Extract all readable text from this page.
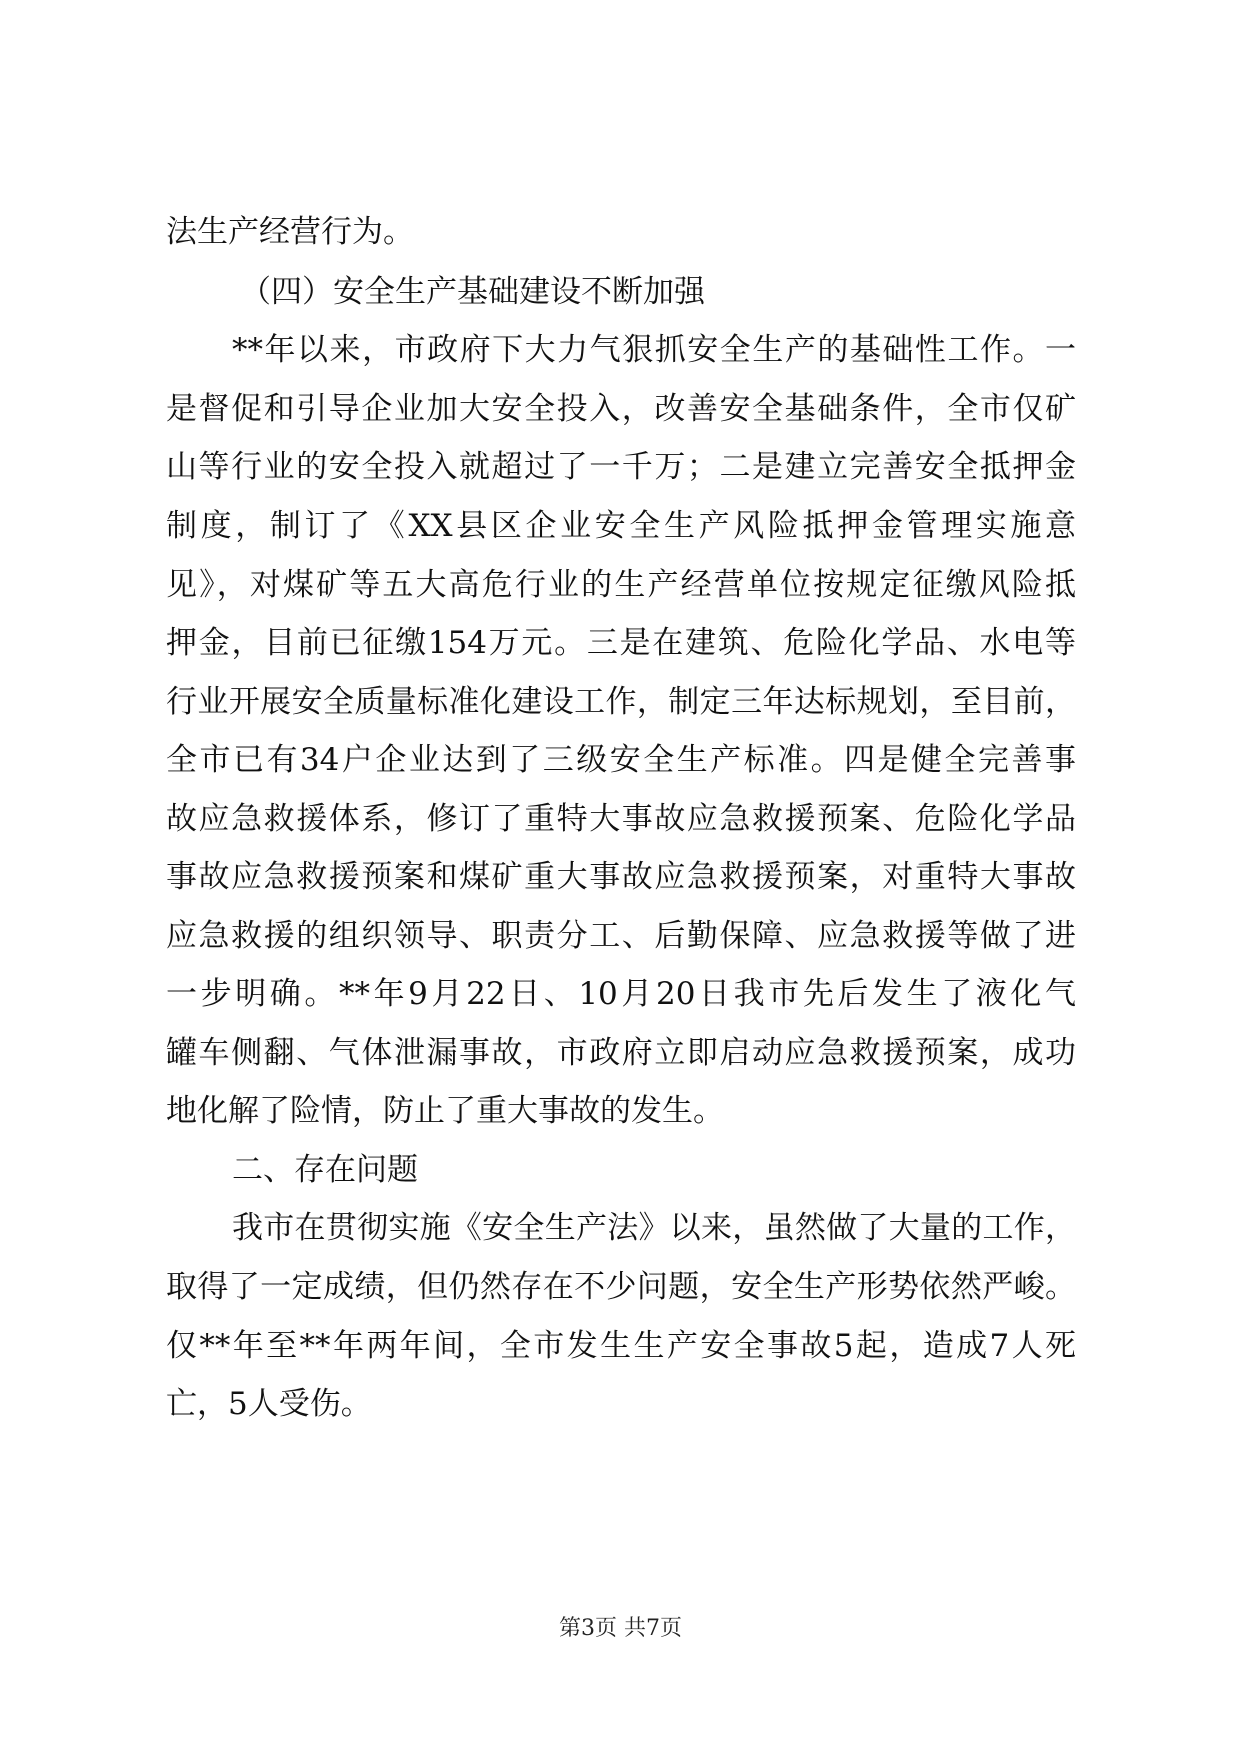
法生产经营行为。
（四）安全生产基础建设不断加强
**年以来，市政府下大力气狠抓安全生产的基础性工作。一
是督促和引导企业加大安全投入，改善安全基础条件，全市仅矿
山等行业的安全投入就超过了一千万；二是建立完善安全抵押金
制度，制订了《XX县区企业安全生产风险抵押金管理实施意
见》，对煤矿等五大高危行业的生产经营单位按规定征缴风险抵
押金，目前已征缴154万元。三是在建筑、危险化学品、水电等
行业开展安全质量标准化建设工作，制定三年达标规划，至目前，
全市已有34户企业达到了三级安全生产标准。四是健全完善事
故应急救援体系，修订了重特大事故应急救援预案、危险化学品
事故应急救援预案和煤矿重大事故应急救援预案，对重特大事故
应急救援的组织领导、职责分工、后勤保障、应急救援等做了进
一步明确。**年9月22日、10月20日我市先后发生了液化气
罐车侧翻、气体泄漏事故，市政府立即启动应急救援预案，成功
地化解了险情，防止了重大事故的发生。
二、存在问题
我市在贯彻实施《安全生产法》以来，虽然做了大量的工作，
取得了一定成绩，但仍然存在不少问题，安全生产形势依然严峻。
仅**年至**年两年间，全市发生生产安全事故5起，造成7人死
亡，5人受伤。
第3页 共7页
